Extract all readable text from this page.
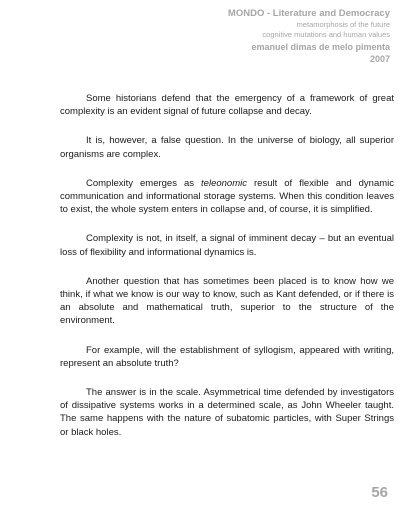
MONDO - Literature and Democracy
metamorphosis of the future
cognitive mutations and human values
emanuel dimas de melo pimenta
2007

Some historians defend that the emergency of a framework of great complexity is an evident signal of future collapse and decay.

It is, however, a false question. In the universe of biology, all superior organisms are complex.

Complexity emerges as teleonomic result of flexible and dynamic communication and informational storage systems. When this condition leaves to exist, the whole system enters in collapse and, of course, it is simplified.

Complexity is not, in itself, a signal of imminent decay – but an eventual loss of flexibility and informational dynamics is.

Another question that has sometimes been placed is to know how we think, if what we know is our way to know, such as Kant defended, or if there is an absolute and mathematical truth, superior to the structure of the environment.

For example, will the establishment of syllogism, appeared with writing, represent an absolute truth?

The answer is in the scale. Asymmetrical time defended by investigators of dissipative systems works in a determined scale, as John Wheeler taught. The same happens with the nature of subatomic particles, with Super Strings or black holes.

56
